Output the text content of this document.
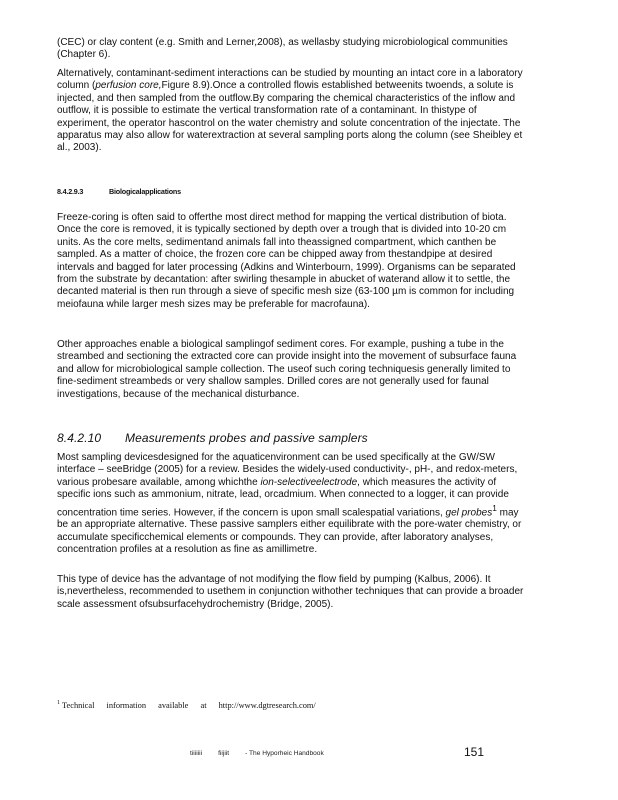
(CEC) or clay content (e.g. Smith and Lerner,2008), as wellasby studying microbiological communities (Chapter 6).

Alternatively, contaminant-sediment interactions can be studied by mounting an intact core in a laboratory column (perfusion core,Figure 8.9).Once a controlled flowis established betweenits twoends, a solute is injected, and then sampled from the outflow.By comparing the chemical characteristics of the inflow and outflow, it is possible to estimate the vertical transformation rate of a contaminant. In thistype of experiment, the operator hascontrol on the water chemistry and solute concentration of the injectate. The apparatus may also allow for waterextraction at several sampling ports along the column (see Sheibley et al., 2003).

8.4.2.9.3	Biologicalapplications

Freeze-coring is often said to offerthe most direct method for mapping the vertical distribution of biota. Once the core is removed, it is typically sectioned by depth over a trough that is divided into 10-20 cm units. As the core melts, sedimentand animals fall into theassigned compartment, which canthen be sampled. As a matter of choice, the frozen core can be chipped away from thestandpipe at desired intervals and bagged for later processing (Adkins and Winterbourn, 1999). Organisms can be separated from the substrate by decantation: after swirling thesample in abucket of waterand allow it to settle, the decanted material is then run through a sieve of specific mesh size (63-100 µm is common for including meiofauna while larger mesh sizes may be preferable for macrofauna).

Other approaches enable a biological samplingof sediment cores. For example, pushing a tube in the streambed and sectioning the extracted core can provide insight into the movement of subsurface fauna and allow for microbiological sample collection. The useof such coring techniquesis generally limited to fine-sediment streambeds or very shallow samples. Drilled cores are not generally used for faunal investigations, because of the mechanical disturbance.

8.4.2.10 Measurements probes and passive samplers

Most sampling devicesdesigned for the aquaticenvironment can be used specifically at the GW/SW interface – seeBridge (2005) for a review. Besides the widely-used conductivity-, pH-, and redox-meters, various probesare available, among whichthe ion-selectiveelectrode, which measures the activity of specific ions such as ammonium, nitrate, lead, orcadmium. When connected to a logger, it can provide concentration time series. However, if the concern is upon small scalespatial variations, gel probes$^1$ may be an appropriate alternative. These passive samplers either equilibrate with the pore-water chemistry, or accumulate specificchemical elements or compounds. They can provide, after laboratory analyses, concentration profiles at a resolution as fine as amillimetre.

This type of device has the advantage of not modifying the flow field by pumping (Kalbus, 2006). It is,nevertheless, recommended to usethem in conjunction withother techniques that can provide a broader scale assessment ofsubsurfacehydrochemistry (Bridge, 2005).

$^1$ Technical information available at http://www.dgtresearch.com/
tiiiiiii fiijiit - The Hyporheic Handbook	151
